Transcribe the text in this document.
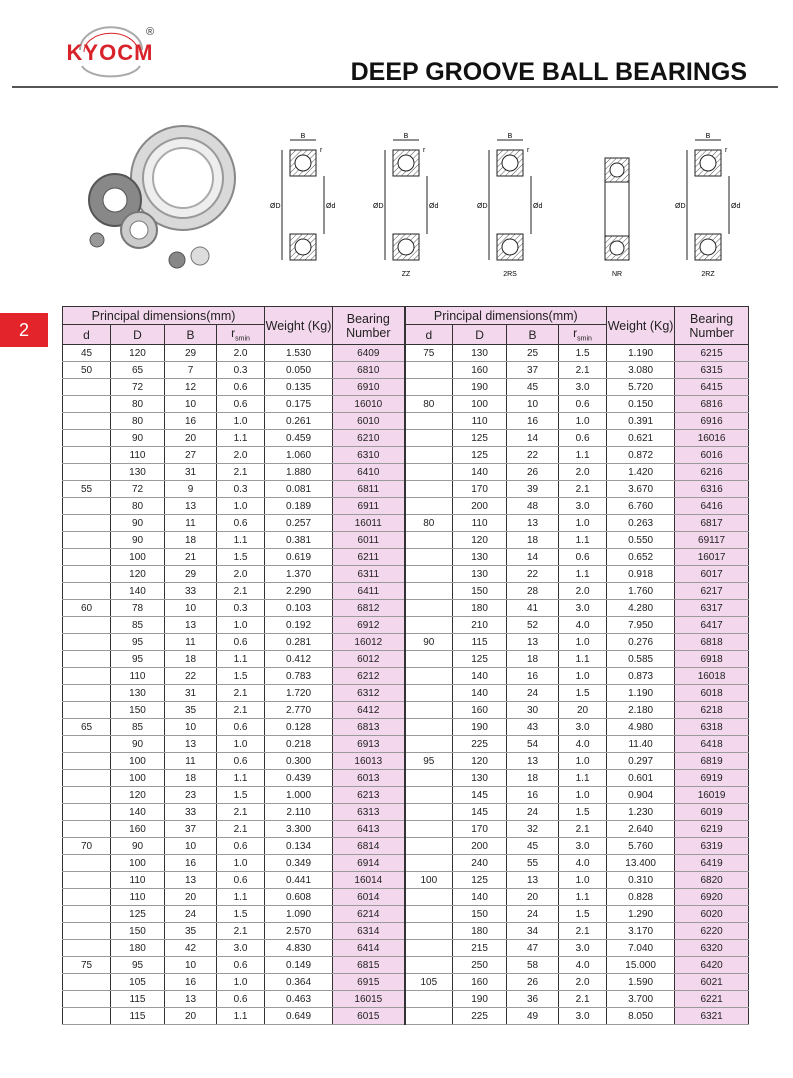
KYOCM
®
DEEP GROOVE BALL BEARINGS
2
B
ØD	Ød
r
B
ØD	Ød
r
ZZ
B
ØD	Ød
r
2RS	NR
B
ØD	Ød
r
2RZ
Principal dimensions(mm)				Weight (Kg)	Bearing Number	Principal dimensions(mm)				Weight (Kg)	Bearing Number
d	D	B	$r_{smin}$			d	D	B	$r_{smin}$
45	120	29	2.0	1.530	6409	75	130	25	1.5	1.190	6215
50	65	7	0.3	0.050	6810		160	37	2.1	3.080	6315
	72	12	0.6	0.135	6910		190	45	3.0	5.720	6415
	80	10	0.6	0.175	16010	80	100	10	0.6	0.150	6816
	80	16	1.0	0.261	6010		110	16	1.0	0.391	6916
	90	20	1.1	0.459	6210		125	14	0.6	0.621	16016
	110	27	2.0	1.060	6310		125	22	1.1	0.872	6016
	130	31	2.1	1.880	6410		140	26	2.0	1.420	6216
55	72	9	0.3	0.081	6811		170	39	2.1	3.670	6316
	80	13	1.0	0.189	6911		200	48	3.0	6.760	6416
	90	11	0.6	0.257	16011	80	110	13	1.0	0.263	6817
	90	18	1.1	0.381	6011		120	18	1.1	0.550	69117
	100	21	1.5	0.619	6211		130	14	0.6	0.652	16017
	120	29	2.0	1.370	6311		130	22	1.1	0.918	6017
	140	33	2.1	2.290	6411		150	28	2.0	1.760	6217
60	78	10	0.3	0.103	6812		180	41	3.0	4.280	6317
	85	13	1.0	0.192	6912		210	52	4.0	7.950	6417
	95	11	0.6	0.281	16012	90	115	13	1.0	0.276	6818
	95	18	1.1	0.412	6012		125	18	1.1	0.585	6918
	110	22	1.5	0.783	6212		140	16	1.0	0.873	16018
	130	31	2.1	1.720	6312		140	24	1.5	1.190	6018
	150	35	2.1	2.770	6412		160	30	20	2.180	6218
65	85	10	0.6	0.128	6813		190	43	3.0	4.980	6318
	90	13	1.0	0.218	6913		225	54	4.0	11.40	6418
	100	11	0.6	0.300	16013	95	120	13	1.0	0.297	6819
	100	18	1.1	0.439	6013		130	18	1.1	0.601	6919
	120	23	1.5	1.000	6213		145	16	1.0	0.904	16019
	140	33	2.1	2.110	6313		145	24	1.5	1.230	6019
	160	37	2.1	3.300	6413		170	32	2.1	2.640	6219
70	90	10	0.6	0.134	6814		200	45	3.0	5.760	6319
	100	16	1.0	0.349	6914		240	55	4.0	13.400	6419
	110	13	0.6	0.441	16014	100	125	13	1.0	0.310	6820
	110	20	1.1	0.608	6014		140	20	1.1	0.828	6920
	125	24	1.5	1.090	6214		150	24	1.5	1.290	6020
	150	35	2.1	2.570	6314		180	34	2.1	3.170	6220
	180	42	3.0	4.830	6414		215	47	3.0	7.040	6320
75	95	10	0.6	0.149	6815		250	58	4.0	15.000	6420
	105	16	1.0	0.364	6915	105	160	26	2.0	1.590	6021
	115	13	0.6	0.463	16015		190	36	2.1	3.700	6221
	115	20	1.1	0.649	6015		225	49	3.0	8.050	6321
